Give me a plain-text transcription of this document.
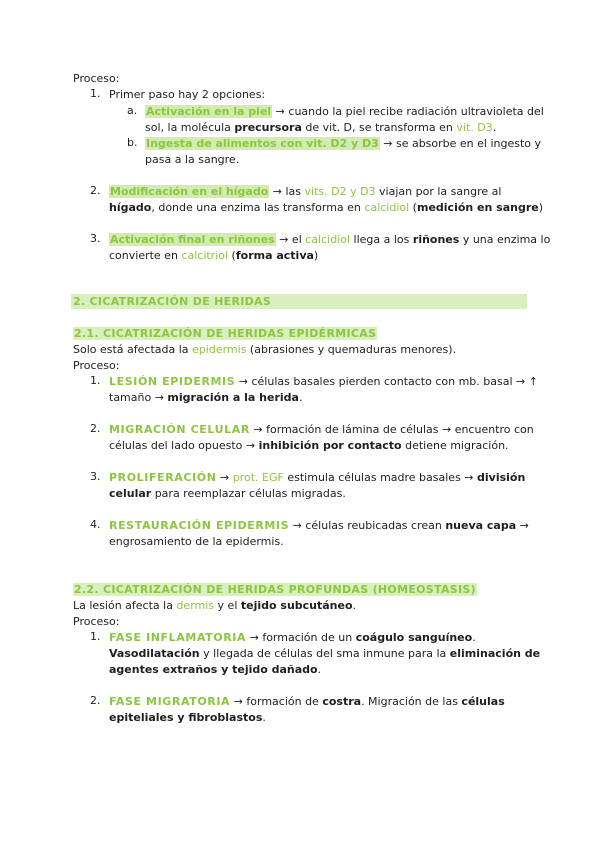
Proceso:
1. Primer paso hay 2 opciones:
a. Activación en la piel → cuando la piel recibe radiación ultravioleta del
sol, la molécula precursora de vit. D, se transforma en vit. D3.
b. Ingesta de alimentos con vit. D2 y D3 → se absorbe en el ingesto y
pasa a la sangre.
2. Modificación en el hígado → las vits. D2 y D3 viajan por la sangre al
hígado, donde una enzima las transforma en calcidiol (medición en sangre)
3. Activación final en riñones → el calcidiol llega a los riñones y una enzima lo
convierte en calcitriol (forma activa)
2. CICATRIZACIÓN DE HERIDAS
2.1. CICATRIZACIÓN DE HERIDAS EPIDÉRMICAS
Solo está afectada la epidermis (abrasiones y quemaduras menores).
Proceso:
1. LESIÓN EPIDERMIS → células basales pierden contacto con mb. basal → ↑
tamaño → migración a la herida.
2. MIGRACIÓN CELULAR → formación de lámina de células → encuentro con
células del lado opuesto → inhibición por contacto detiene migración.
3. PROLIFERACIÓN → prot. EGF estimula células madre basales → división
celular para reemplazar células migradas.
4. RESTAURACIÓN EPIDERMIS → células reubicadas crean nueva capa →
engrosamiento de la epidermis.
2.2. CICATRIZACIÓN DE HERIDAS PROFUNDAS (HOMEOSTASIS)
La lesión afecta la dermis y el tejido subcutáneo.
Proceso:
1. FASE INFLAMATORIA → formación de un coágulo sanguíneo.
Vasodilatación y llegada de células del sma inmune para la eliminación de
agentes extraños y tejido dañado.
2. FASE MIGRATORIA → formación de costra. Migración de las células
epiteliales y fibroblastos.
